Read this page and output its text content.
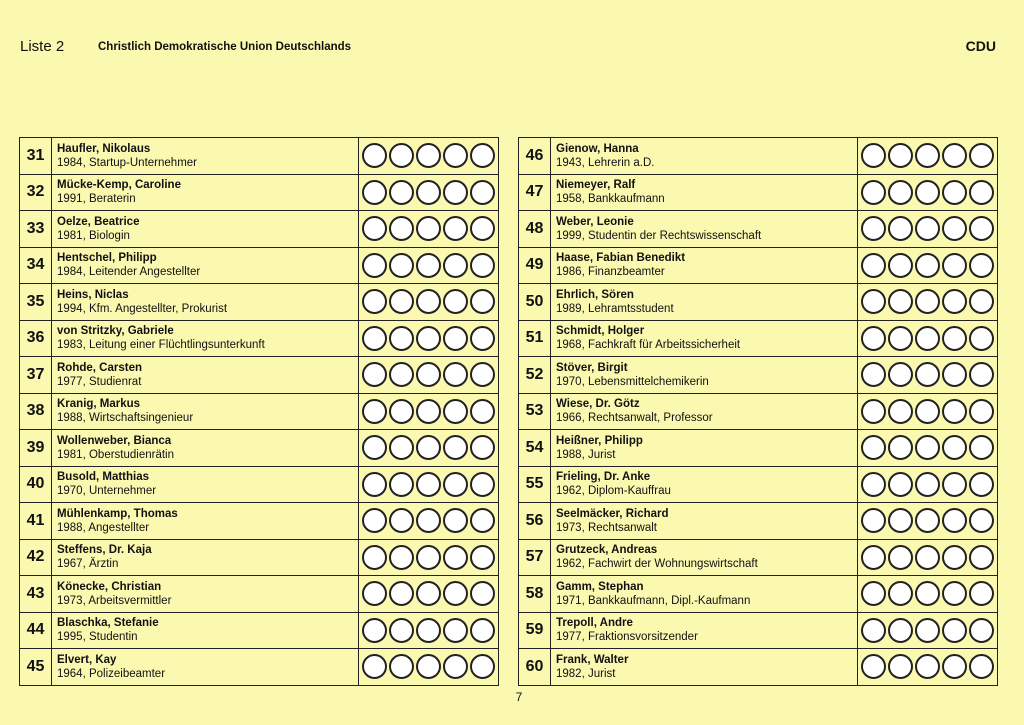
Liste 2	Christlich Demokratische Union Deutschlands	CDU
31	Haufler, Nikolaus
1984, Startup-Unternehmer
32	Mücke-Kemp, Caroline
1991, Beraterin
33	Oelze, Beatrice
1981, Biologin
34	Hentschel, Philipp
1984, Leitender Angestellter
35	Heins, Niclas
1994, Kfm. Angestellter, Prokurist
36	von Stritzky, Gabriele
1983, Leitung einer Flüchtlingsunterkunft
37	Rohde, Carsten
1977, Studienrat
38	Kranig, Markus
1988, Wirtschaftsingenieur
39	Wollenweber, Bianca
1981, Oberstudienrätin
40	Busold, Matthias
1970, Unternehmer
41	Mühlenkamp, Thomas
1988, Angestellter
42	Steffens, Dr. Kaja
1967, Ärztin
43	Könecke, Christian
1973, Arbeitsvermittler
44	Blaschka, Stefanie
1995, Studentin
45	Elvert, Kay
1964, Polizeibeamter
46	Gienow, Hanna
1943, Lehrerin a.D.
47	Niemeyer, Ralf
1958, Bankkaufmann
48	Weber, Leonie
1999, Studentin der Rechtswissenschaft
49	Haase, Fabian Benedikt
1986, Finanzbeamter
50	Ehrlich, Sören
1989, Lehramtsstudent
51	Schmidt, Holger
1968, Fachkraft für Arbeitssicherheit
52	Stöver, Birgit
1970, Lebensmittelchemikerin
53	Wiese, Dr. Götz
1966, Rechtsanwalt, Professor
54	Heißner, Philipp
1988, Jurist
55	Frieling, Dr. Anke
1962, Diplom-Kauffrau
56	Seelmäcker, Richard
1973, Rechtsanwalt
57	Grutzeck, Andreas
1962, Fachwirt der Wohnungswirtschaft
58	Gamm, Stephan
1971, Bankkaufmann, Dipl.-Kaufmann
59	Trepoll, Andre
1977, Fraktionsvorsitzender
60	Frank, Walter
1982, Jurist
7
